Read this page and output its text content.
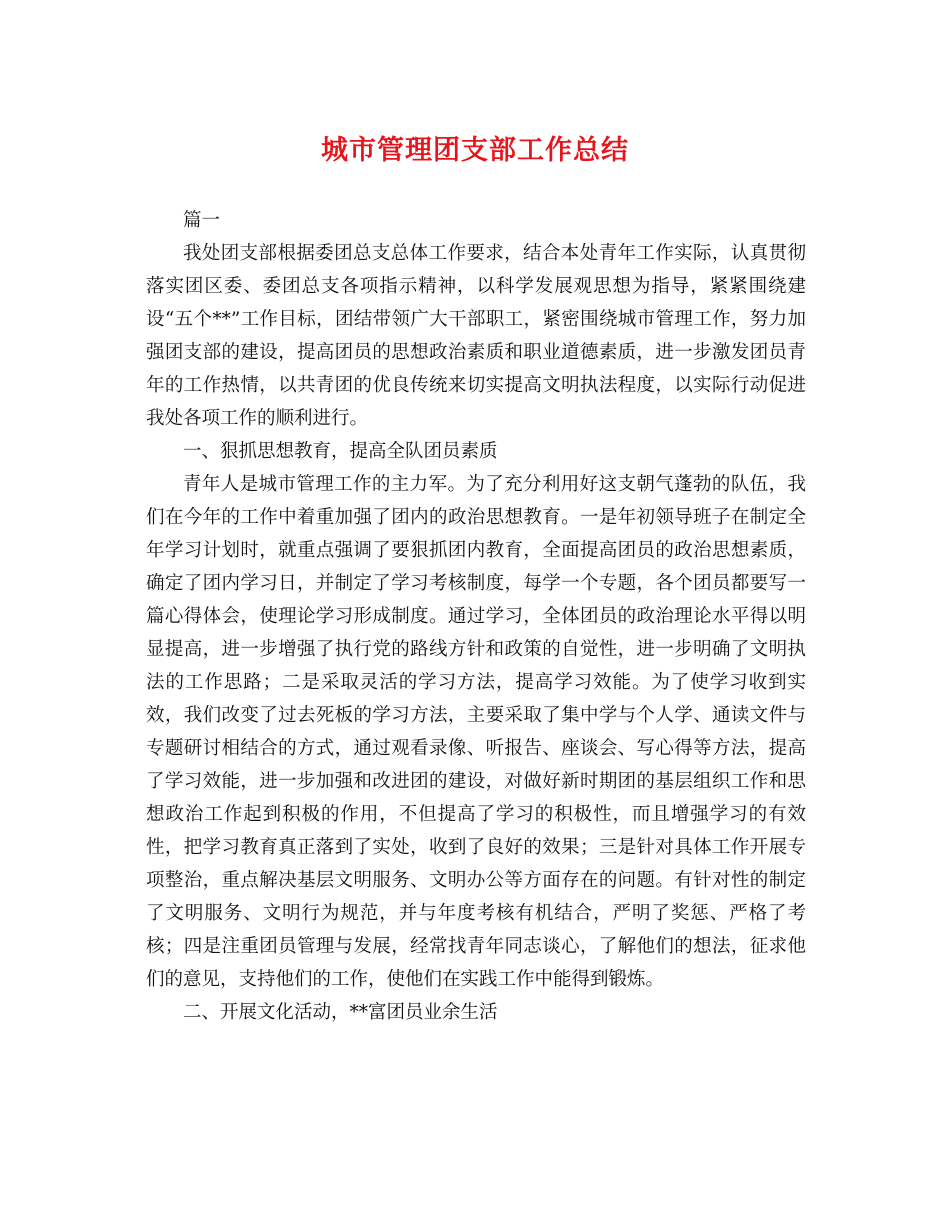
城市管理团支部工作总结

篇一

我处团支部根据委团总支总体工作要求，结合本处青年工作实际，认真贯彻落实团区委、委团总支各项指示精神，以科学发展观思想为指导，紧紧围绕建设“五个**”工作目标，团结带领广大干部职工，紧密围绕城市管理工作，努力加强团支部的建设，提高团员的思想政治素质和职业道德素质，进一步激发团员青年的工作热情，以共青团的优良传统来切实提高文明执法程度，以实际行动促进我处各项工作的顺利进行。

一、狠抓思想教育，提高全队团员素质

青年人是城市管理工作的主力军。为了充分利用好这支朝气蓬勃的队伍，我们在今年的工作中着重加强了团内的政治思想教育。一是年初领导班子在制定全年学习计划时，就重点强调了要狠抓团内教育，全面提高团员的政治思想素质，确定了团内学习日，并制定了学习考核制度，每学一个专题，各个团员都要写一篇心得体会，使理论学习形成制度。通过学习，全体团员的政治理论水平得以明显提高，进一步增强了执行党的路线方针和政策的自觉性，进一步明确了文明执法的工作思路；二是采取灵活的学习方法，提高学习效能。为了使学习收到实效，我们改变了过去死板的学习方法，主要采取了集中学与个人学、通读文件与专题研讨相结合的方式，通过观看录像、听报告、座谈会、写心得等方法，提高了学习效能，进一步加强和改进团的建设，对做好新时期团的基层组织工作和思想政治工作起到积极的作用，不但提高了学习的积极性，而且增强学习的有效性，把学习教育真正落到了实处，收到了良好的效果；三是针对具体工作开展专项整治，重点解决基层文明服务、文明办公等方面存在的问题。有针对性的制定了文明服务、文明行为规范，并与年度考核有机结合，严明了奖惩、严格了考核；四是注重团员管理与发展，经常找青年同志谈心，了解他们的想法，征求他们的意见，支持他们的工作，使他们在实践工作中能得到锻炼。

二、开展文化活动，**富团员业余生活
